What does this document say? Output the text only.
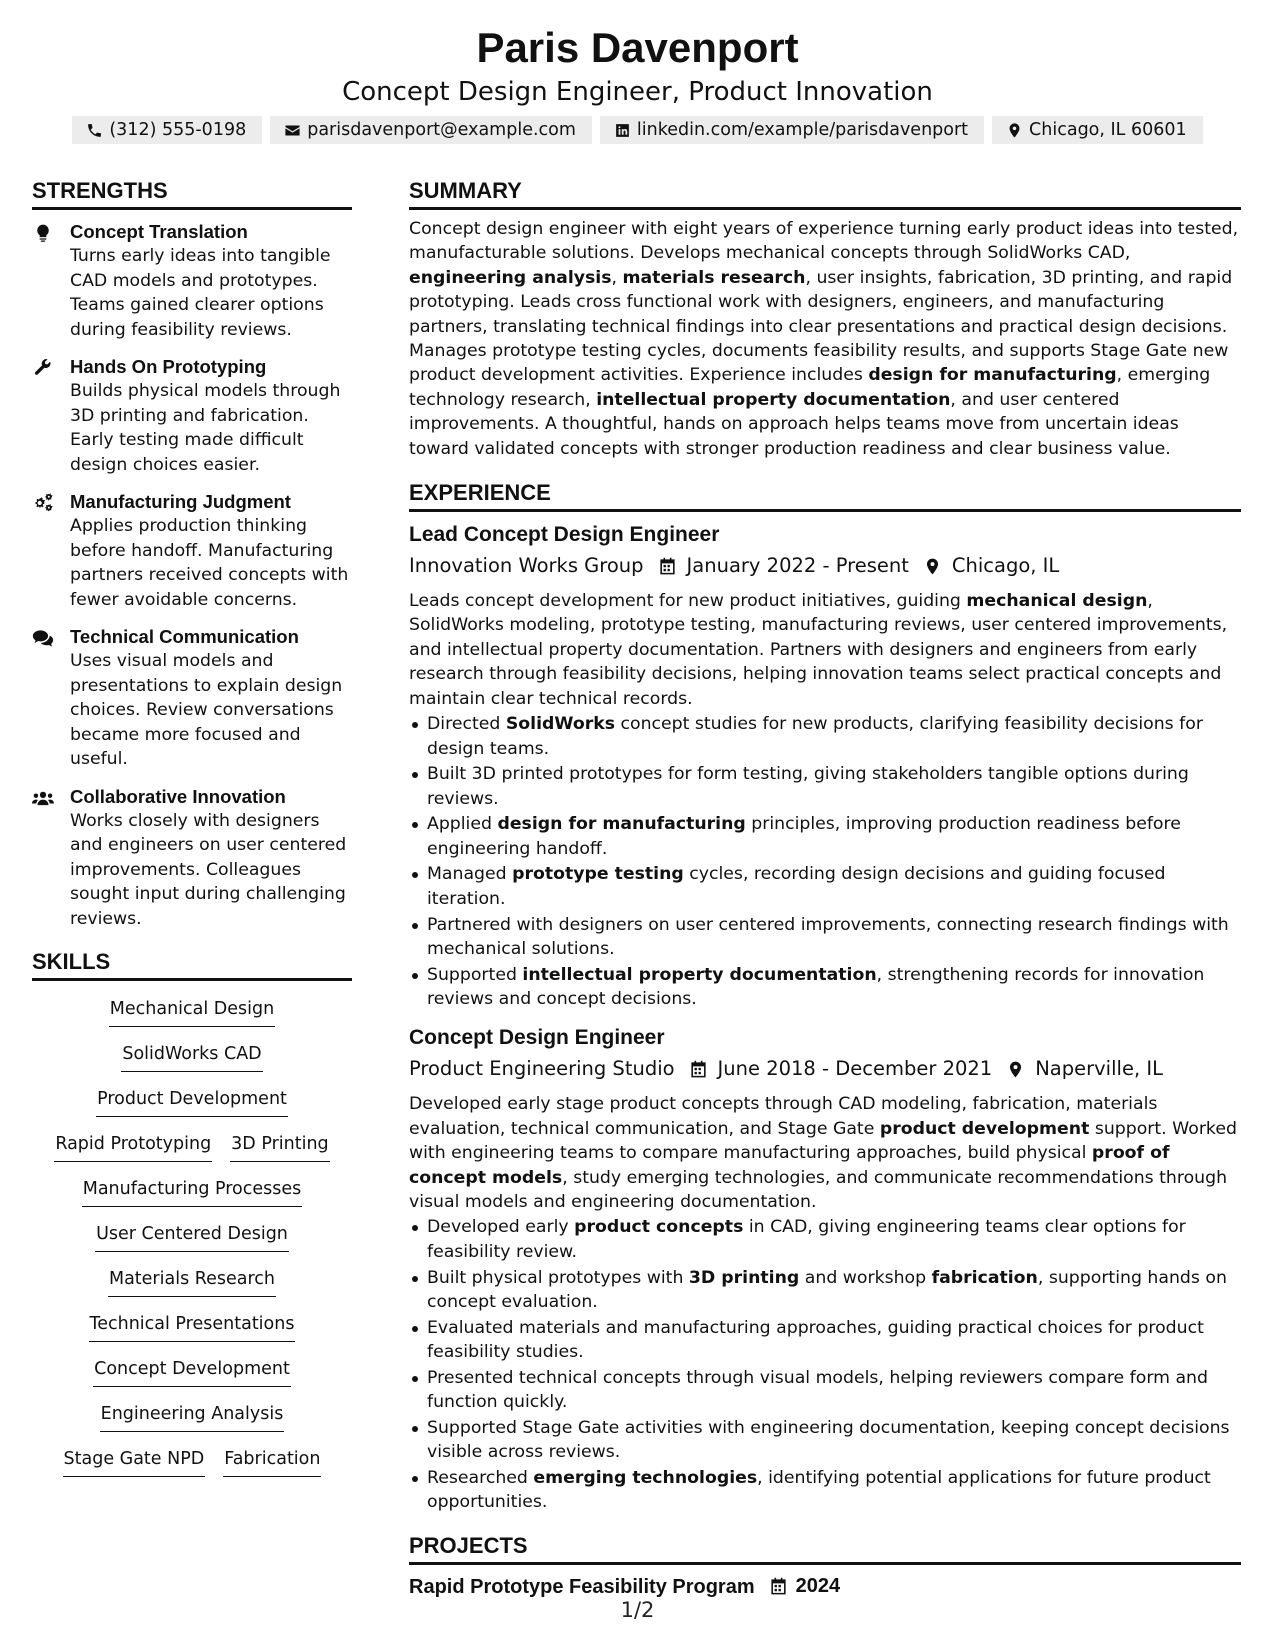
Paris Davenport
Concept Design Engineer, Product Innovation
(312) 555-0198	parisdavenport@example.com	linkedin.com/example/parisdavenport	Chicago, IL 60601
STRENGTHS
Concept Translation
Turns early ideas into tangible CAD models and prototypes. Teams gained clearer options during feasibility reviews.
Hands On Prototyping
Builds physical models through 3D printing and fabrication. Early testing made difficult design choices easier.
Manufacturing Judgment
Applies production thinking before handoff. Manufacturing partners received concepts with fewer avoidable concerns.
Technical Communication
Uses visual models and presentations to explain design choices. Review conversations became more focused and useful.
Collaborative Innovation
Works closely with designers and engineers on user centered improvements. Colleagues sought input during challenging reviews.
SKILLS
Mechanical Design
SolidWorks CAD
Product Development
Rapid Prototyping 3D Printing
Manufacturing Processes
User Centered Design
Materials Research
Technical Presentations
Concept Development
Engineering Analysis
Stage Gate NPD Fabrication
SUMMARY
Concept design engineer with eight years of experience turning early product ideas into tested, manufacturable solutions. Develops mechanical concepts through SolidWorks CAD, engineering analysis, materials research, user insights, fabrication, 3D printing, and rapid prototyping. Leads cross functional work with designers, engineers, and manufacturing partners, translating technical findings into clear presentations and practical design decisions. Manages prototype testing cycles, documents feasibility results, and supports Stage Gate new product development activities. Experience includes design for manufacturing, emerging technology research, intellectual property documentation, and user centered improvements. A thoughtful, hands on approach helps teams move from uncertain ideas toward validated concepts with stronger production readiness and clear business value.
EXPERIENCE
Lead Concept Design Engineer
Innovation Works Group January 2022 - Present Chicago, IL
Leads concept development for new product initiatives, guiding mechanical design, SolidWorks modeling, prototype testing, manufacturing reviews, user centered improvements, and intellectual property documentation. Partners with designers and engineers from early research through feasibility decisions, helping innovation teams select practical concepts and maintain clear technical records.
Directed SolidWorks concept studies for new products, clarifying feasibility decisions for design teams.
Built 3D printed prototypes for form testing, giving stakeholders tangible options during reviews.
Applied design for manufacturing principles, improving production readiness before engineering handoff.
Managed prototype testing cycles, recording design decisions and guiding focused iteration.
Partnered with designers on user centered improvements, connecting research findings with mechanical solutions.
Supported intellectual property documentation, strengthening records for innovation reviews and concept decisions.
Concept Design Engineer
Product Engineering Studio June 2018 - December 2021 Naperville, IL
Developed early stage product concepts through CAD modeling, fabrication, materials evaluation, technical communication, and Stage Gate product development support. Worked with engineering teams to compare manufacturing approaches, build physical proof of concept models, study emerging technologies, and communicate recommendations through visual models and engineering documentation.
Developed early product concepts in CAD, giving engineering teams clear options for feasibility review.
Built physical prototypes with 3D printing and workshop fabrication, supporting hands on concept evaluation.
Evaluated materials and manufacturing approaches, guiding practical choices for product feasibility studies.
Presented technical concepts through visual models, helping reviewers compare form and function quickly.
Supported Stage Gate activities with engineering documentation, keeping concept decisions visible across reviews.
Researched emerging technologies, identifying potential applications for future product opportunities.
PROJECTS
Rapid Prototype Feasibility Program 2024
1/2
